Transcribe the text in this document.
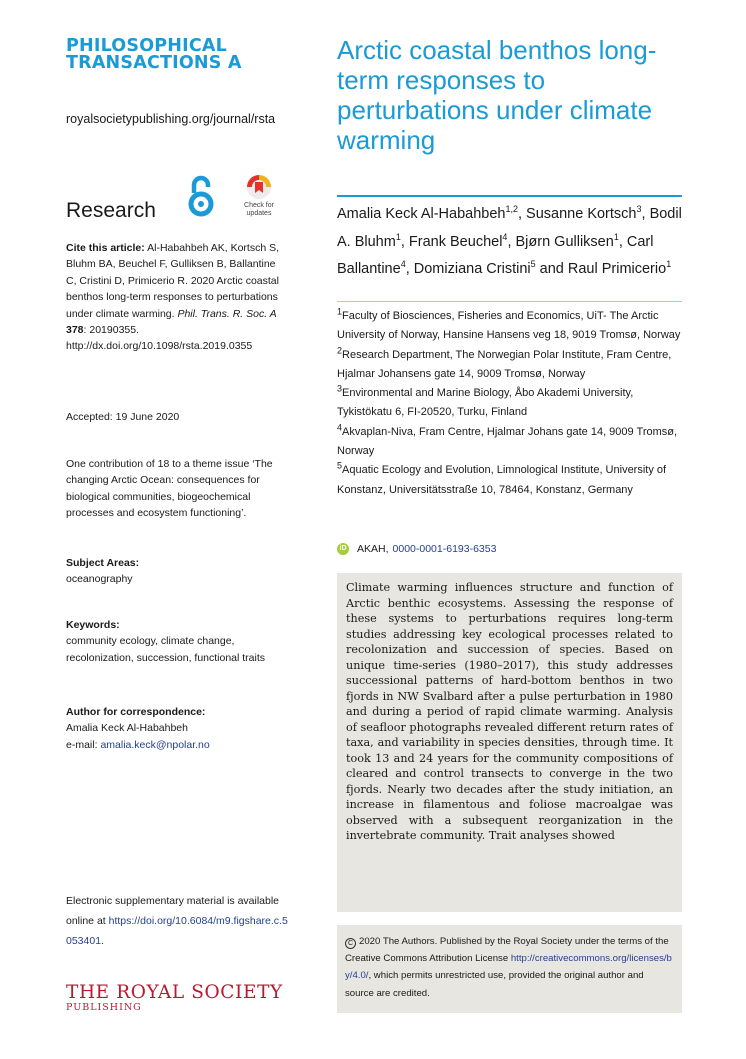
PHILOSOPHICAL
TRANSACTIONS A
royalsocietypublishing.org/journal/rsta
Research	Check for
updates
Cite this article: Al-Habahbeh AK, Kortsch S, Bluhm BA, Beuchel F, Gulliksen B, Ballantine C, Cristini D, Primicerio R. 2020 Arctic coastal benthos long-term responses to perturbations under climate warming. Phil. Trans. R. Soc. A 378: 20190355. http://dx.doi.org/10.1098/rsta.2019.0355
Accepted: 19 June 2020
One contribution of 18 to a theme issue ‘The changing Arctic Ocean: consequences for biological communities, biogeochemical processes and ecosystem functioning’.
Subject Areas:
oceanography
Keywords:
community ecology, climate change, recolonization, succession, functional traits
Author for correspondence:
Amalia Keck Al-Habahbeh
e-mail: amalia.keck@npolar.no
Electronic supplementary material is available online at https://doi.org/10.6084/m9.figshare.c.5053401.
THE ROYAL SOCIETY
PUBLISHING
Arctic coastal benthos long-term responses to perturbations under climate warming
Amalia Keck Al-Habahbeh$^{1,2}$, Susanne Kortsch$^3$, Bodil A. Bluhm$^1$, Frank Beuchel$^4$, Bjørn Gulliksen$^1$, Carl Ballantine$^4$, Domiziana Cristini$^5$ and Raul Primicerio$^1$
$^1$Faculty of Biosciences, Fisheries and Economics, UiT- The Arctic University of Norway, Hansine Hansens veg 18, 9019 Tromsø, Norway
$^2$Research Department, The Norwegian Polar Institute, Fram Centre, Hjalmar Johansens gate 14, 9009 Tromsø, Norway
$^3$Environmental and Marine Biology, Åbo Akademi University, Tykistökatu 6, FI-20520, Turku, Finland
$^4$Akvaplan-Niva, Fram Centre, Hjalmar Johans gate 14, 9009 Tromsø, Norway
$^5$Aquatic Ecology and Evolution, Limnological Institute, University of Konstanz, Universitätsstraße 10, 78464, Konstanz, Germany
iD AKAH, 0000-0001-6193-6353
Climate warming influences structure and function of Arctic benthic ecosystems. Assessing the response of these systems to perturbations requires long-term studies addressing key ecological processes related to recolonization and succession of species. Based on unique time-series (1980–2017), this study addresses successional patterns of hard-bottom benthos in two fjords in NW Svalbard after a pulse perturbation in 1980 and during a period of rapid climate warming. Analysis of seafloor photographs revealed different return rates of taxa, and variability in species densities, through time. It took 13 and 24 years for the community compositions of cleared and control transects to converge in the two fjords. Nearly two decades after the study initiation, an increase in filamentous and foliose macroalgae was observed with a subsequent reorganization in the invertebrate community. Trait analyses showed
C 2020 The Authors. Published by the Royal Society under the terms of the Creative Commons Attribution License http://creativecommons.org/licenses/by/4.0/, which permits unrestricted use, provided the original author and source are credited.
